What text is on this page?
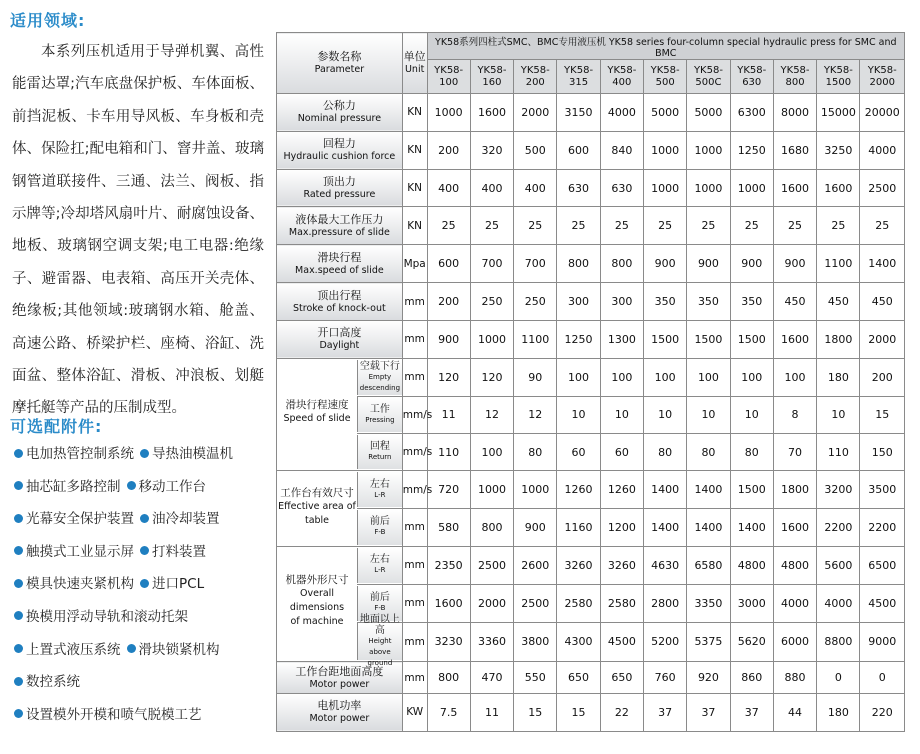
适用领域:
本系列压机适用于导弹机翼、高性能雷达罩;汽车底盘保护板、车体面板、前挡泥板、卡车用导风板、车身板和壳体、保险扛;配电箱和门、窨井盖、玻璃钢管道联接件、三通、法兰、阀板、指示牌等;冷却塔风扇叶片、耐腐蚀设备、地板、玻璃钢空调支架;电工电器:绝缘子、避雷器、电表箱、高压开关壳体、绝缘板;其他领域:玻璃钢水箱、舱盖、高速公路、桥梁护栏、座椅、浴缸、洗面盆、整体浴缸、滑板、冲浪板、划艇摩托艇等产品的压制成型。
可选配附件:
电加热管控制系统 导热油模温机
抽芯缸多路控制 移动工作台
光幕安全保护装置 油冷却装置
触摸式工业显示屏 打料装置
模具快速夹紧机构 进口PCL
换模用浮动导轨和滚动托架
上置式液压系统 滑块锁紧机构
数控系统
设置模外开模和喷气脱模工艺
参数名称
Parameter	单位
Unit	YK58系列四柱式SMC、BMC专用液压机 YK58 series four-column special hydraulic press for SMC and BMC										
		YK58-100	YK58-160	YK58-200	YK58-315	YK58-400	YK58-500	YK58-500C	YK58-630	YK58-800	YK58-1500	YK58-2000

公称力
Nominal pressure	KN	1000	1600	2000	3150	4000	5000	5000	6300	8000	15000	20000

回程力
Hydraulic cushion force	KN	200	320	500	600	840	1000	1000	1250	1680	3250	4000

顶出力
Rated pressure	KN	400	400	400	630	630	1000	1000	1000	1600	1600	2500

液体最大工作压力
Max.pressure of slide	KN	25	25	25	25	25	25	25	25	25	25	25

滑块行程
Max.speed of slide	Mpa	600	700	700	800	800	900	900	900	900	1100	1400

顶出行程
Stroke of knock-out	mm	200	250	250	300	300	350	350	350	450	450	450

开口高度
Daylight	mm	900	1000	1100	1250	1300	1500	1500	1500	1600	1800	2000

滑块行程速度
Speed of slide
空载下行
Empty descending	mm	120	120	90	100	100	100	100	100	100	180	200

工作
Pressing	mm/s	11	12	12	10	10	10	10	10	8	10	15

回程
Return	mm/s	110	100	80	60	60	80	80	80	70	110	150

工作台有效尺寸
Effective area of table
左右
L-R	mm/s	720	1000	1000	1260	1260	1400	1400	1500	1800	3200	3500

前后
F-B	mm	580	800	900	1160	1200	1400	1400	1400	1600	2200	2200

机器外形尺寸
Overall dimensions
of machine
左右
L-R	mm	2350	2500	2600	3260	3260	4630	6580	4800	4800	5600	6500

前后
F-B	mm	1600	2000	2500	2580	2580	2800	3350	3000	4000	4000	4500

地面以上高
Height above
ground	mm	3230	3360	3800	4300	4500	5200	5375	5620	6000	8800	9000

工作台距地面高度
Motor power	mm	800	470	550	650	650	760	920	860	880	0	0

电机功率
Motor power	KW	7.5	11	15	15	22	37	37	37	44	180	220
